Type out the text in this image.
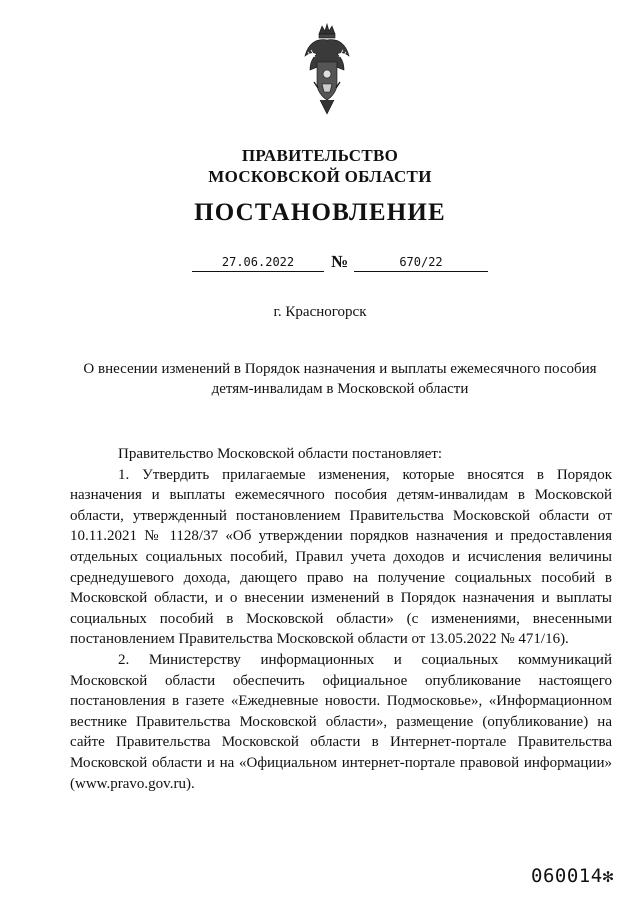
ПРАВИТЕЛЬСТВО
МОСКОВСКОЙ ОБЛАСТИ
ПОСТАНОВЛЕНИЕ
27.06.2022	№	670/22
г. Красногорск
О внесении изменений в Порядок назначения и выплаты ежемесячного пособия
детям-инвалидам в Московской области

Правительство Московской области постановляет:

1. Утвердить прилагаемые изменения, которые вносятся в Порядок назначения и выплаты ежемесячного пособия детям-инвалидам в Московской области, утвержденный постановлением Правительства Московской области от 10.11.2021 № 1128/37 «Об утверждении порядков назначения и предоставления отдельных социальных пособий, Правил учета доходов и исчисления величины среднедушевого дохода, дающего право на получение социальных пособий в Московской области, и о внесении изменений в Порядок назначения и выплаты социальных пособий в Московской области» (с изменениями, внесенными постановлением Правительства Московской области от 13.05.2022 № 471/16).

2. Министерству информационных и социальных коммуникаций Московской области обеспечить официальное опубликование настоящего постановления в газете «Ежедневные новости. Подмосковье», «Информационном вестнике Правительства Московской области», размещение (опубликование) на сайте Правительства Московской области в Интернет-портале Правительства Московской области и на «Официальном интернет-портале правовой информации» (www.pravo.gov.ru).

060014✻
